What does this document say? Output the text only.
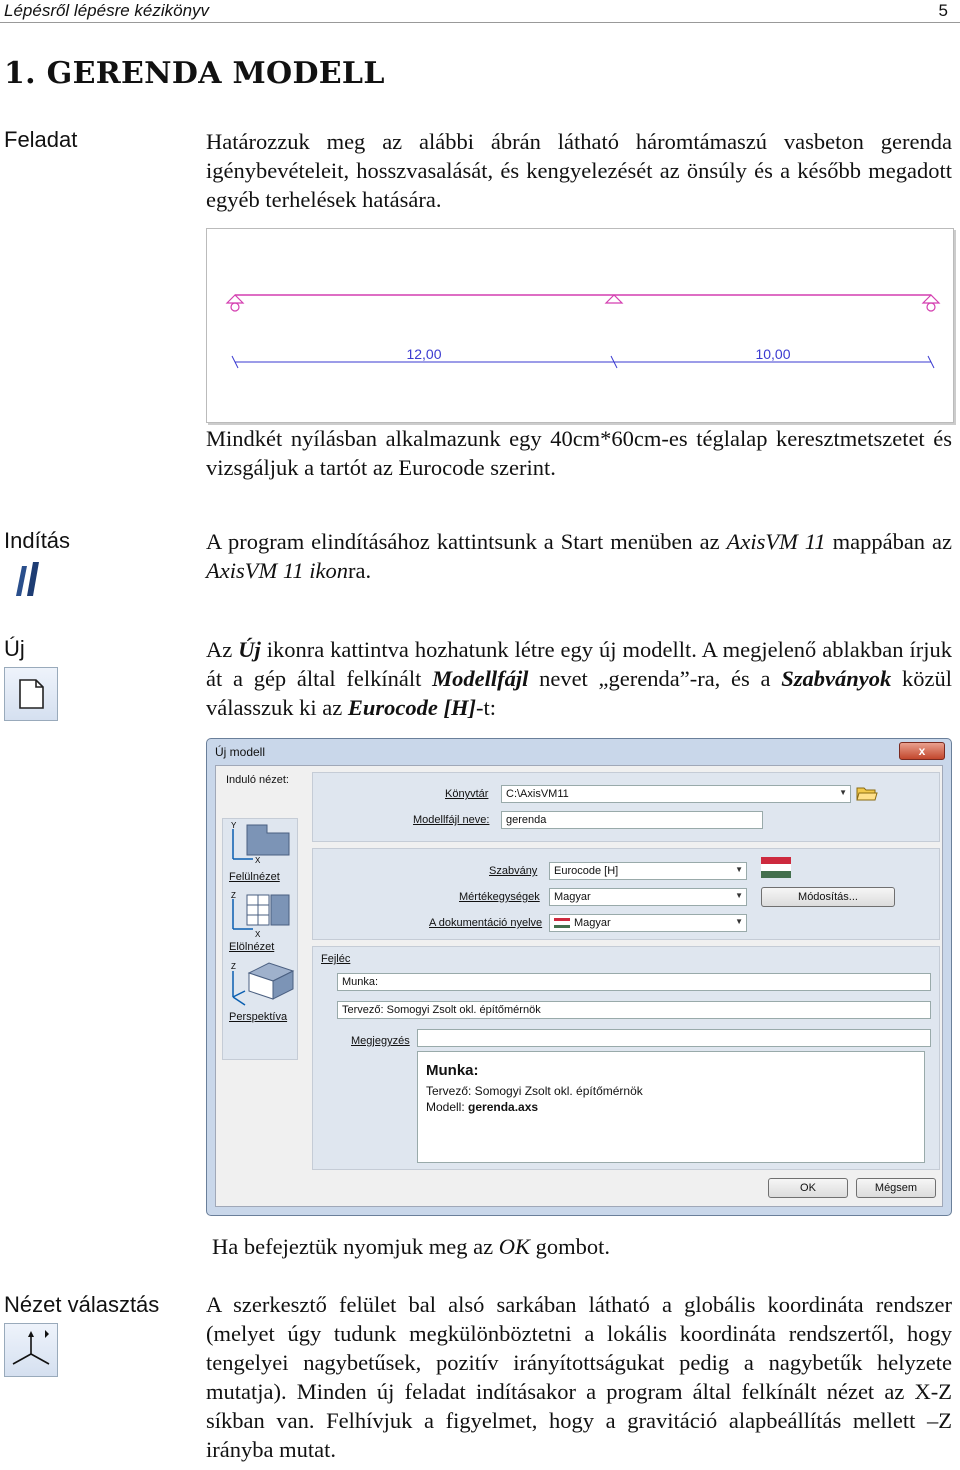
Lépésről lépésre kézikönyv	5
1. GERENDA MODELL
Feladat	Határozzuk meg az alábbi ábrán látható háromtámaszú vasbeton gerenda igénybevételeit, hosszvasalását, és kengyelezését az önsúly és a később megadott egyéb terhelések hatására.
12,00	10,00
Mindkét nyílásban alkalmazunk egy 40cm*60cm-es téglalap keresztmetszetet és vizsgáljuk a tartót az Eurocode szerint.
Indítás	A program elindításához kattintsunk a Start menüben az AxisVM 11 mappában az AxisVM 11 ikonra.
Új	Az Új ikonra kattintva hozhatunk létre egy új modellt. A megjelenő ablakban írjuk át a gép által felkínált Modellfájl nevet „gerenda”-ra, és a Szabványok közül válasszuk ki az Eurocode [H]-t:
Új modell	x
Induló nézet:
Y
X
Felülnézet
Z
X
Elölnézet
Z
Perspektíva
Könyvtár	C:\AxisVM11 ▼
Modellfájl neve:	gerenda
Szabvány	Eurocode [H] ▼
Mértékegységek	Magyar ▼	Módosítás...
A dokumentáció nyelve	Magyar ▼
Fejléc
Munka:
Tervező: Somogyi Zsolt okl. építőmérnök
Megjegyzés
Munka:
Tervező: Somogyi Zsolt okl. építőmérnök
Modell: gerenda.axs
OK	Mégsem
Ha befejeztük nyomjuk meg az OK gombot.
Nézet választás A szerkesztő felület bal alsó sarkában látható a globális koordináta rendszer (melyet úgy tudunk megkülönböztetni a lokális koordináta rendszertől, hogy tengelyei nagybetűsek, pozitív irányítottságukat pedig a nagybetűk helyzete mutatja). Minden új feladat indításakor a program által felkínált nézet az X-Z síkban van. Felhívjuk a figyelmet, hogy a gravitáció alapbeállítás mellett –Z irányba mutat.
